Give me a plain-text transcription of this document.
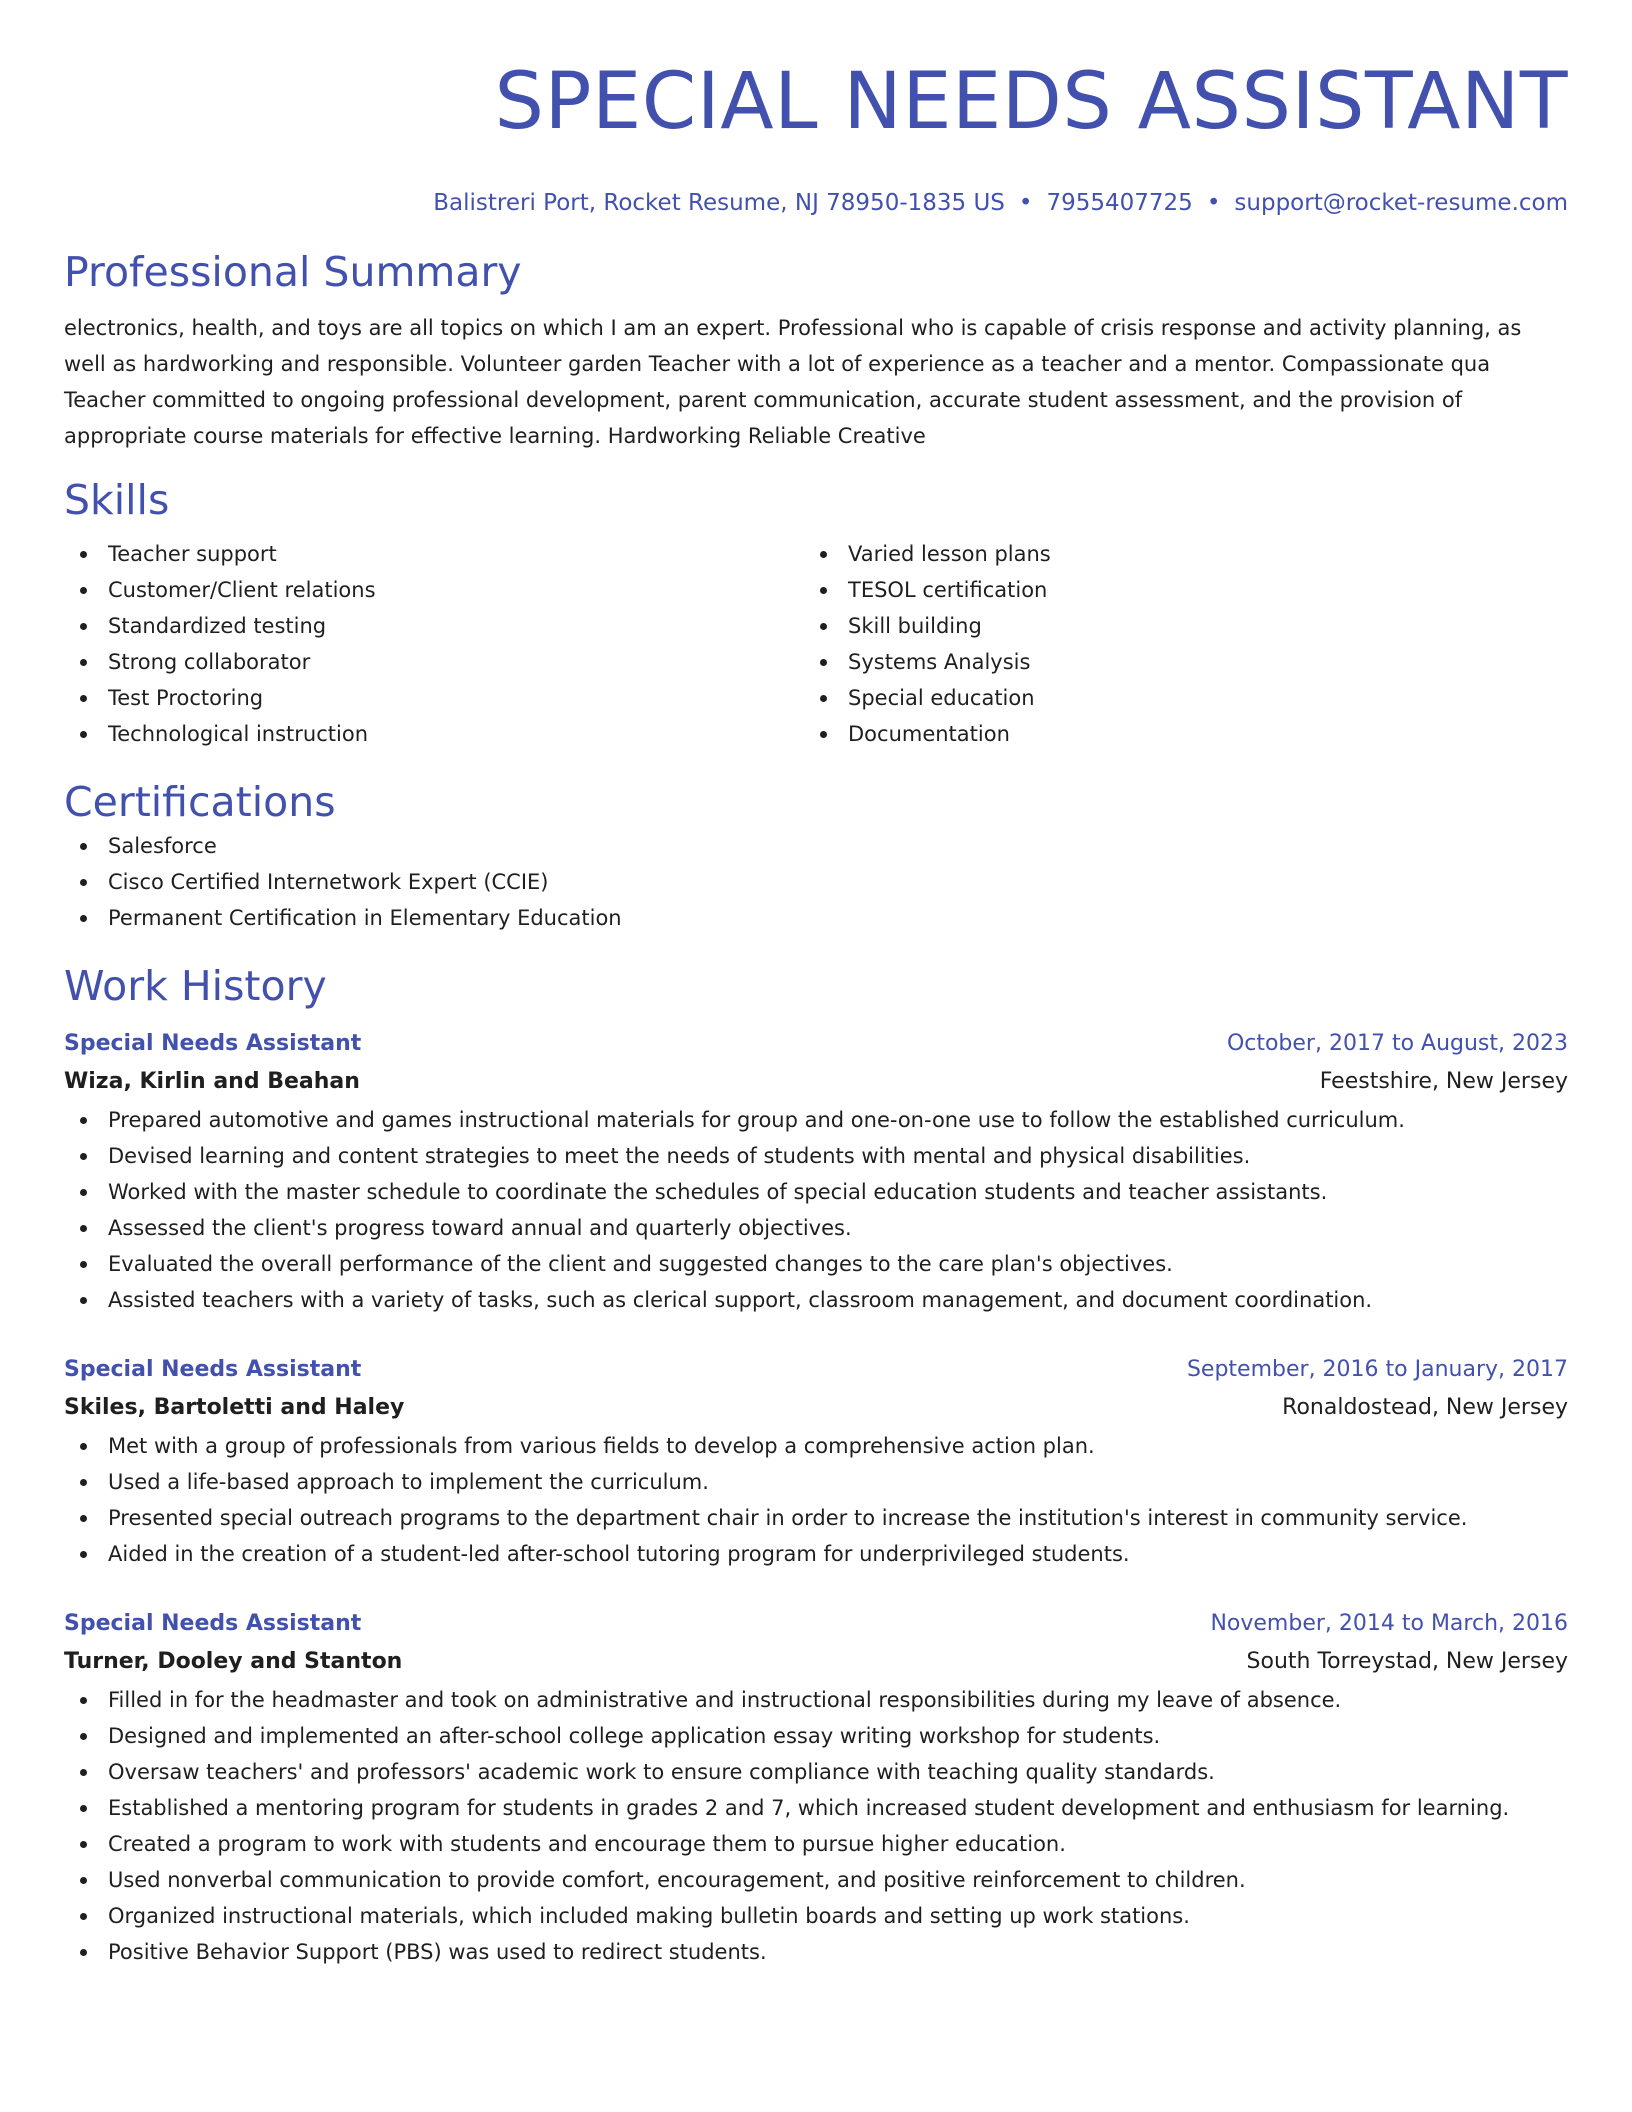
SPECIAL NEEDS ASSISTANT
Balistreri Port, Rocket Resume, NJ 78950-1835 US • 7955407725 • support@rocket-resume.com
Professional Summary
electronics, health, and toys are all topics on which I am an expert. Professional who is capable of crisis response and activity planning, as well as hardworking and responsible. Volunteer garden Teacher with a lot of experience as a teacher and a mentor. Compassionate qua Teacher committed to ongoing professional development, parent communication, accurate student assessment, and the provision of appropriate course materials for effective learning. Hardworking Reliable Creative
Skills
Teacher support
Customer/Client relations
Standardized testing
Strong collaborator
Test Proctoring
Technological instruction
Varied lesson plans
TESOL certification
Skill building
Systems Analysis
Special education
Documentation
Certifications
Salesforce
Cisco Certified Internetwork Expert (CCIE)
Permanent Certification in Elementary Education
Work History
Special Needs Assistant	October, 2017 to August, 2023
Wiza, Kirlin and Beahan	Feestshire, New Jersey
Prepared automotive and games instructional materials for group and one-on-one use to follow the established curriculum.
Devised learning and content strategies to meet the needs of students with mental and physical disabilities.
Worked with the master schedule to coordinate the schedules of special education students and teacher assistants.
Assessed the client's progress toward annual and quarterly objectives.
Evaluated the overall performance of the client and suggested changes to the care plan's objectives.
Assisted teachers with a variety of tasks, such as clerical support, classroom management, and document coordination.
Special Needs Assistant	September, 2016 to January, 2017
Skiles, Bartoletti and Haley	Ronaldostead, New Jersey
Met with a group of professionals from various fields to develop a comprehensive action plan.
Used a life-based approach to implement the curriculum.
Presented special outreach programs to the department chair in order to increase the institution's interest in community service.
Aided in the creation of a student-led after-school tutoring program for underprivileged students.
Special Needs Assistant	November, 2014 to March, 2016
Turner, Dooley and Stanton	South Torreystad, New Jersey
Filled in for the headmaster and took on administrative and instructional responsibilities during my leave of absence.
Designed and implemented an after-school college application essay writing workshop for students.
Oversaw teachers' and professors' academic work to ensure compliance with teaching quality standards.
Established a mentoring program for students in grades 2 and 7, which increased student development and enthusiasm for learning.
Created a program to work with students and encourage them to pursue higher education.
Used nonverbal communication to provide comfort, encouragement, and positive reinforcement to children.
Organized instructional materials, which included making bulletin boards and setting up work stations.
Positive Behavior Support (PBS) was used to redirect students.
